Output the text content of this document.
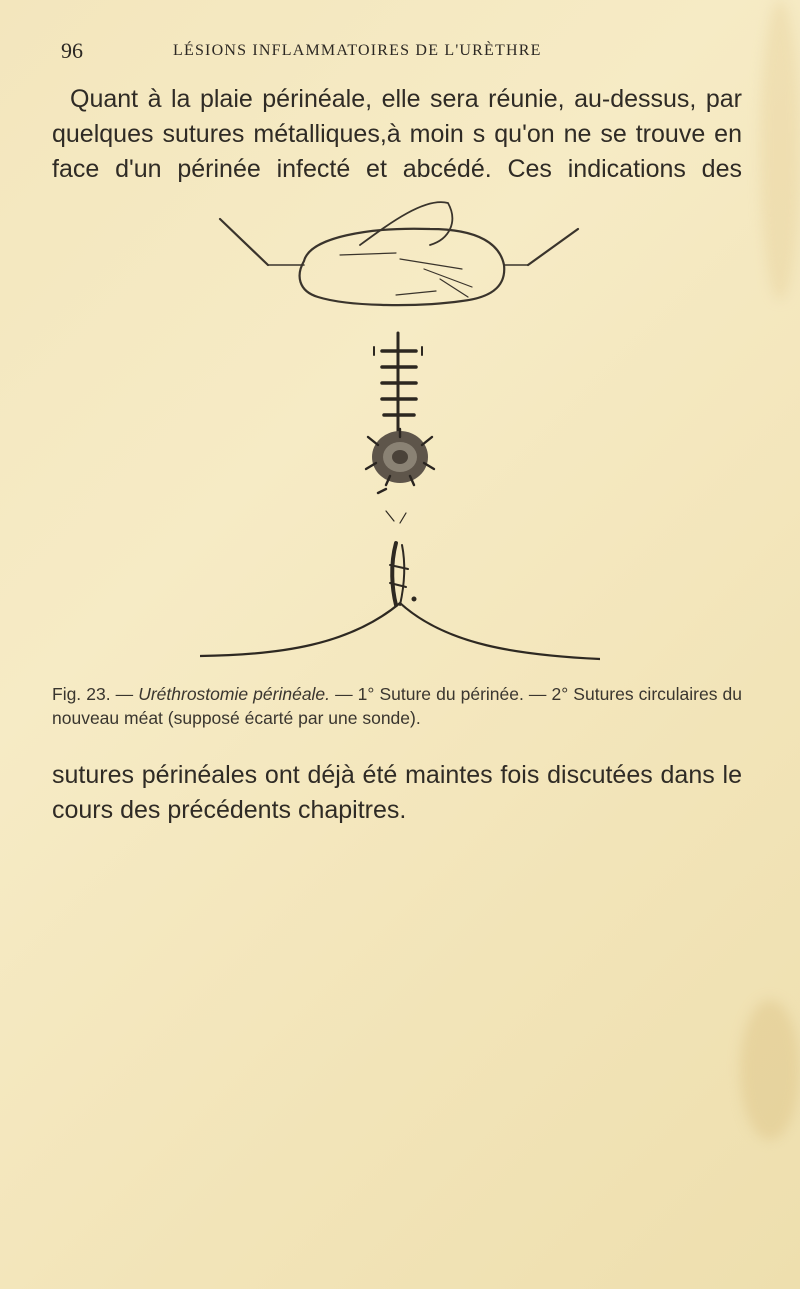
96	LÉSIONS INFLAMMATOIRES DE L'URÈTHRE

Quant à la plaie périnéale, elle sera réunie, au-dessus, par quelques sutures métalliques,à moin s qu'on ne se trouve en face d'un périnée infecté et abcédé. Ces indications des

Fig. 23. — Uréthrostomie périnéale. — 1° Suture du périnée. — 2° Sutures circulaires du nouveau méat (supposé écarté par une sonde).

sutures périnéales ont déjà été maintes fois discutées dans le cours des précédents chapitres.
